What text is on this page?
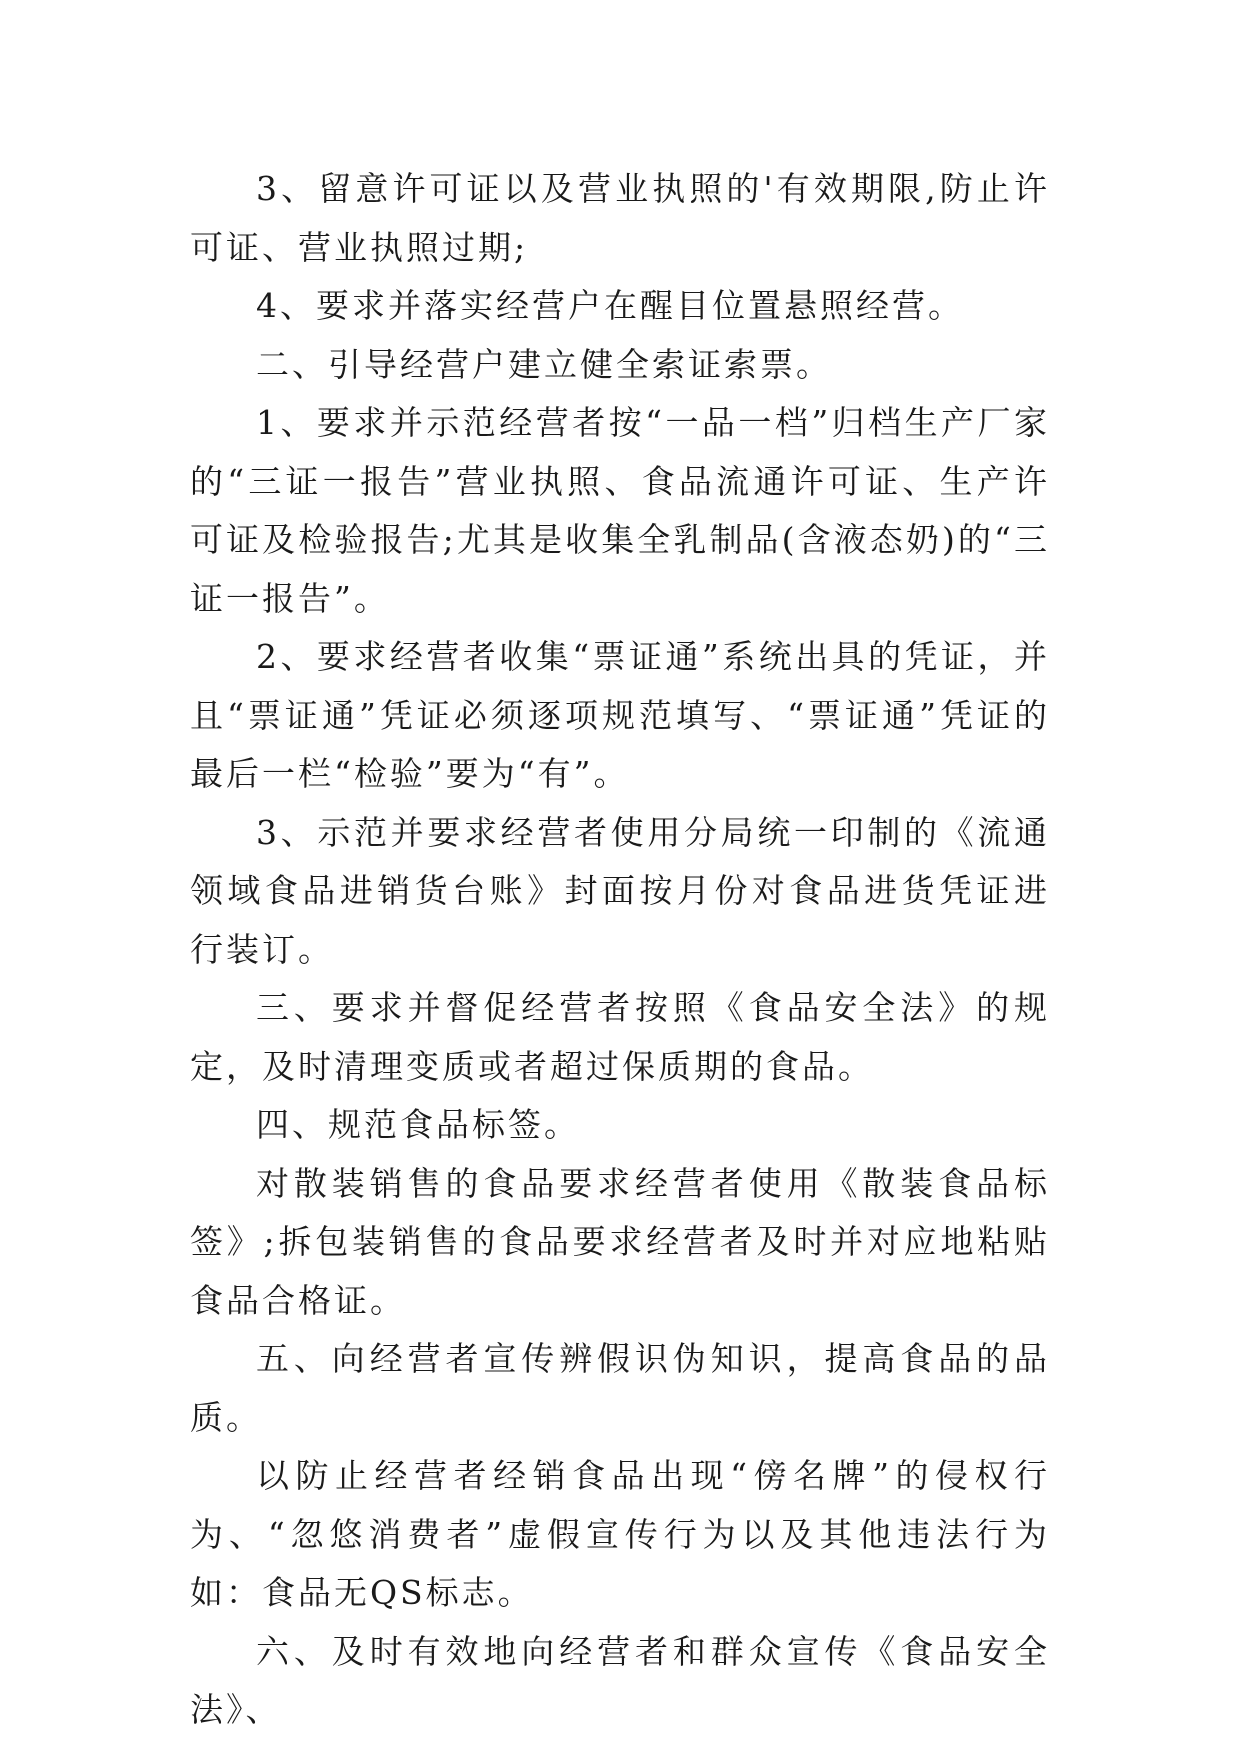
3、留意许可证以及营业执照的'有效期限,防止许可证、营业执照过期;

4、要求并落实经营户在醒目位置悬照经营。

二、引导经营户建立健全索证索票。

1、要求并示范经营者按“一品一档”归档生产厂家的“三证一报告”营业执照、食品流通许可证、生产许可证及检验报告;尤其是收集全乳制品(含液态奶)的“三证一报告”。

2、要求经营者收集“票证通”系统出具的凭证，并且“票证通”凭证必须逐项规范填写、“票证通”凭证的最后一栏“检验”要为“有”。

3、示范并要求经营者使用分局统一印制的《流通领域食品进销货台账》封面按月份对食品进货凭证进行装订。

三、要求并督促经营者按照《食品安全法》的规定，及时清理变质或者超过保质期的食品。

四、规范食品标签。

对散装销售的食品要求经营者使用《散装食品标签》;拆包装销售的食品要求经营者及时并对应地粘贴食品合格证。

五、向经营者宣传辨假识伪知识，提高食品的品质。

以防止经营者经销食品出现“傍名牌”的侵权行为、“忽悠消费者”虚假宣传行为以及其他违法行为如：食品无QS标志。

六、及时有效地向经营者和群众宣传《食品安全法》、
